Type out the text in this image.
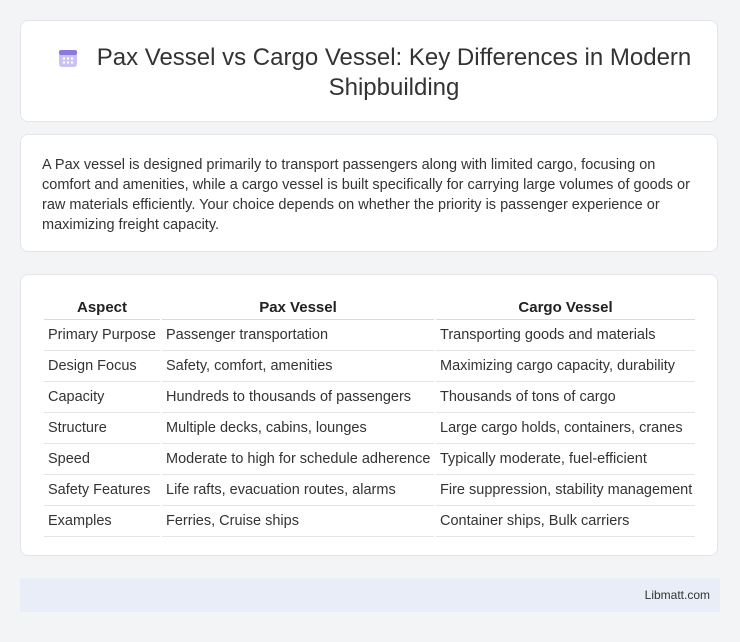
Pax Vessel vs Cargo Vessel: Key Differences in Modern Shipbuilding

A Pax vessel is designed primarily to transport passengers along with limited cargo, focusing on comfort and amenities, while a cargo vessel is built specifically for carrying large volumes of goods or raw materials efficiently. Your choice depends on whether the priority is passenger experience or maximizing freight capacity.

Aspect	Pax Vessel	Cargo Vessel
Primary Purpose	Passenger transportation	Transporting goods and materials
Design Focus	Safety, comfort, amenities	Maximizing cargo capacity, durability
Capacity	Hundreds to thousands of passengers	Thousands of tons of cargo
Structure	Multiple decks, cabins, lounges	Large cargo holds, containers, cranes
Speed	Moderate to high for schedule adherence	Typically moderate, fuel-efficient
Safety Features	Life rafts, evacuation routes, alarms	Fire suppression, stability management
Examples	Ferries, Cruise ships	Container ships, Bulk carriers
Libmatt.com
